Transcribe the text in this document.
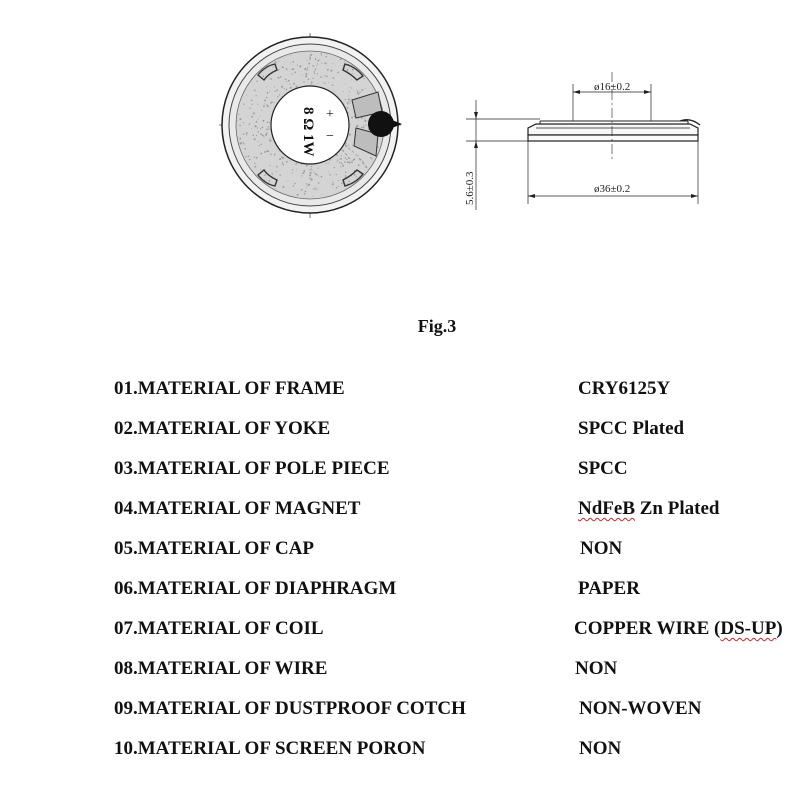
8 Ω 1W +
−
ø16±0.2
ø36±0.2
5.6±0.3
Fig.3
01.MATERIAL OF FRAME	CRY6125Y
02.MATERIAL OF YOKE	SPCC Plated
03.MATERIAL OF POLE PIECE	SPCC
04.MATERIAL OF MAGNET	NdFeB Zn Plated
05.MATERIAL OF CAP	NON
06.MATERIAL OF DIAPHRAGM	PAPER
07.MATERIAL OF COIL	COPPER WIRE (DS-UP)
08.MATERIAL OF WIRE	NON
09.MATERIAL OF DUSTPROOF COTCH	NON-WOVEN
10.MATERIAL OF SCREEN PORON	NON
